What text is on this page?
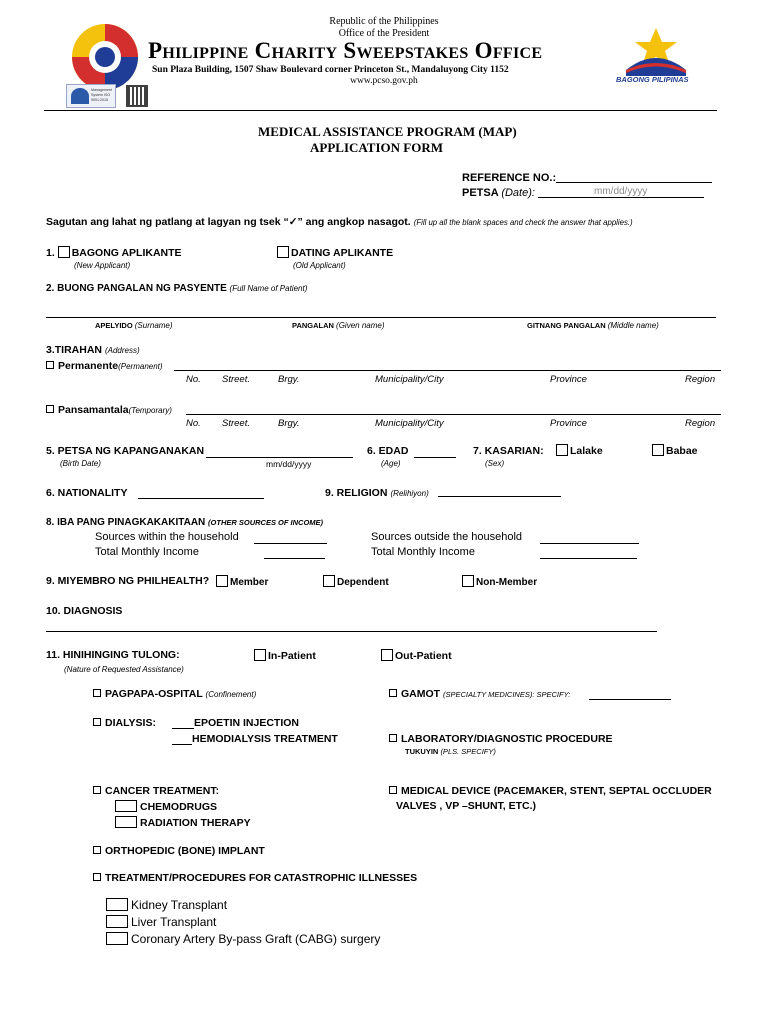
Republic of the Philippines
Office of the President
Philippine Charity Sweepstakes Office
Sun Plaza Building, 1507 Shaw Boulevard corner Princeton St., Mandaluyong City 1152
www.pcso.gov.ph
Management System ISO 9001:2015
BAGONG PILIPINAS
MEDICAL ASSISTANCE PROGRAM (MAP)
APPLICATION FORM
REFERENCE NO.:
PETSA (Date):	mm/dd/yyyy
Sagutan ang lahat ng patlang at lagyan ng tsek “✓” ang angkop nasagot. (Fill up all the blank spaces and check the answer that applies.)
1. BAGONG APLIKANTE
(New Applicant)
DATING APLIKANTE
(Old Applicant)
2. BUONG PANGALAN NG PASYENTE (Full Name of Patient)
APELYIDO (Surname)	PANGALAN (Given name)	GITNANG PANGALAN (Middle name)
3.TIRAHAN (Address)
Permanente(Permanent)
No. Street.	Brgy.	Municipality/City	Province	Region
Pansamantala(Temporary)
No. Street.	Brgy.	Municipality/City	Province	Region
5. PETSA NG KAPANGANAKAN
(Birth Date)	mm/dd/yyyy
6. EDAD
(Age)
7. KASARIAN:
(Sex)
Lalake	Babae
6. NATIONALITY	9. RELIGION (Relihiyon)
8. IBA PANG PINAGKAKAKITAAN (OTHER SOURCES OF INCOME)
Sources within the household
Total Monthly Income
Sources outside the household
Total Monthly Income
9. MIYEMBRO NG PHILHEALTH?	Member	Dependent	Non-Member
10. DIAGNOSIS
11. HINIHINGING TULONG:
(Nature of Requested Assistance)
In-Patient	Out-Patient
PAGPAPA-OSPITAL (Confinement)	GAMOT (SPECIALTY MEDICINES): SPECIFY:
DIALYSIS:	EPOETIN INJECTION
HEMODIALYSIS TREATMENT	LABORATORY/DIAGNOSTIC PROCEDURE
TUKUYIN (PLS. SPECIFY)
CANCER TREATMENT:
CHEMODRUGS
RADIATION THERAPY
MEDICAL DEVICE (PACEMAKER, STENT, SEPTAL OCCLUDER
VALVES , VP –SHUNT, ETC.)
ORTHOPEDIC (BONE) IMPLANT
TREATMENT/PROCEDURES FOR CATASTROPHIC ILLNESSES
Kidney Transplant
Liver Transplant
Coronary Artery By-pass Graft (CABG) surgery
